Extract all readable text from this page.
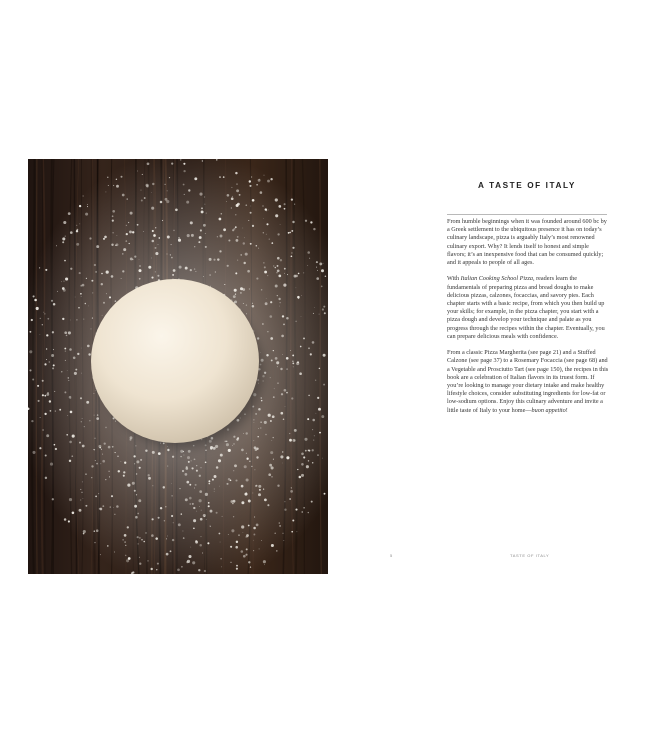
A TASTE OF ITALY

From humble beginnings when it was founded around 600 bc by a Greek settlement to the ubiquitous presence it has on today’s culinary landscape, pizza is arguably Italy’s most renowned culinary export. Why? It lends itself to honest and simple flavors; it’s an inexpensive food that can be consumed quickly; and it appeals to people of all ages.

With Italian Cooking School Pizza, readers learn the fundamentals of preparing pizza and bread doughs to make delicious pizzas, calzones, focaccias, and savory pies. Each chapter starts with a basic recipe, from which you then build up your skills; for example, in the pizza chapter, you start with a pizza dough and develop your technique and palate as you progress through the recipes within the chapter. Eventually, you can prepare delicious meals with confidence.

From a classic Pizza Margherita (see page 21) and a Stuffed Calzone (see page 37) to a Rosemary Focaccia (see page 68) and a Vegetable and Prosciutto Tart (see page 150), the recipes in this book are a celebration of Italian flavors in its truest form. If you’re looking to manage your dietary intake and make healthy lifestyle choices, consider substituting ingredients for low-fat or low-sodium options. Enjoy this culinary adventure and invite a little taste of Italy to your home—buon appetito!

5	TASTE OF ITALY
